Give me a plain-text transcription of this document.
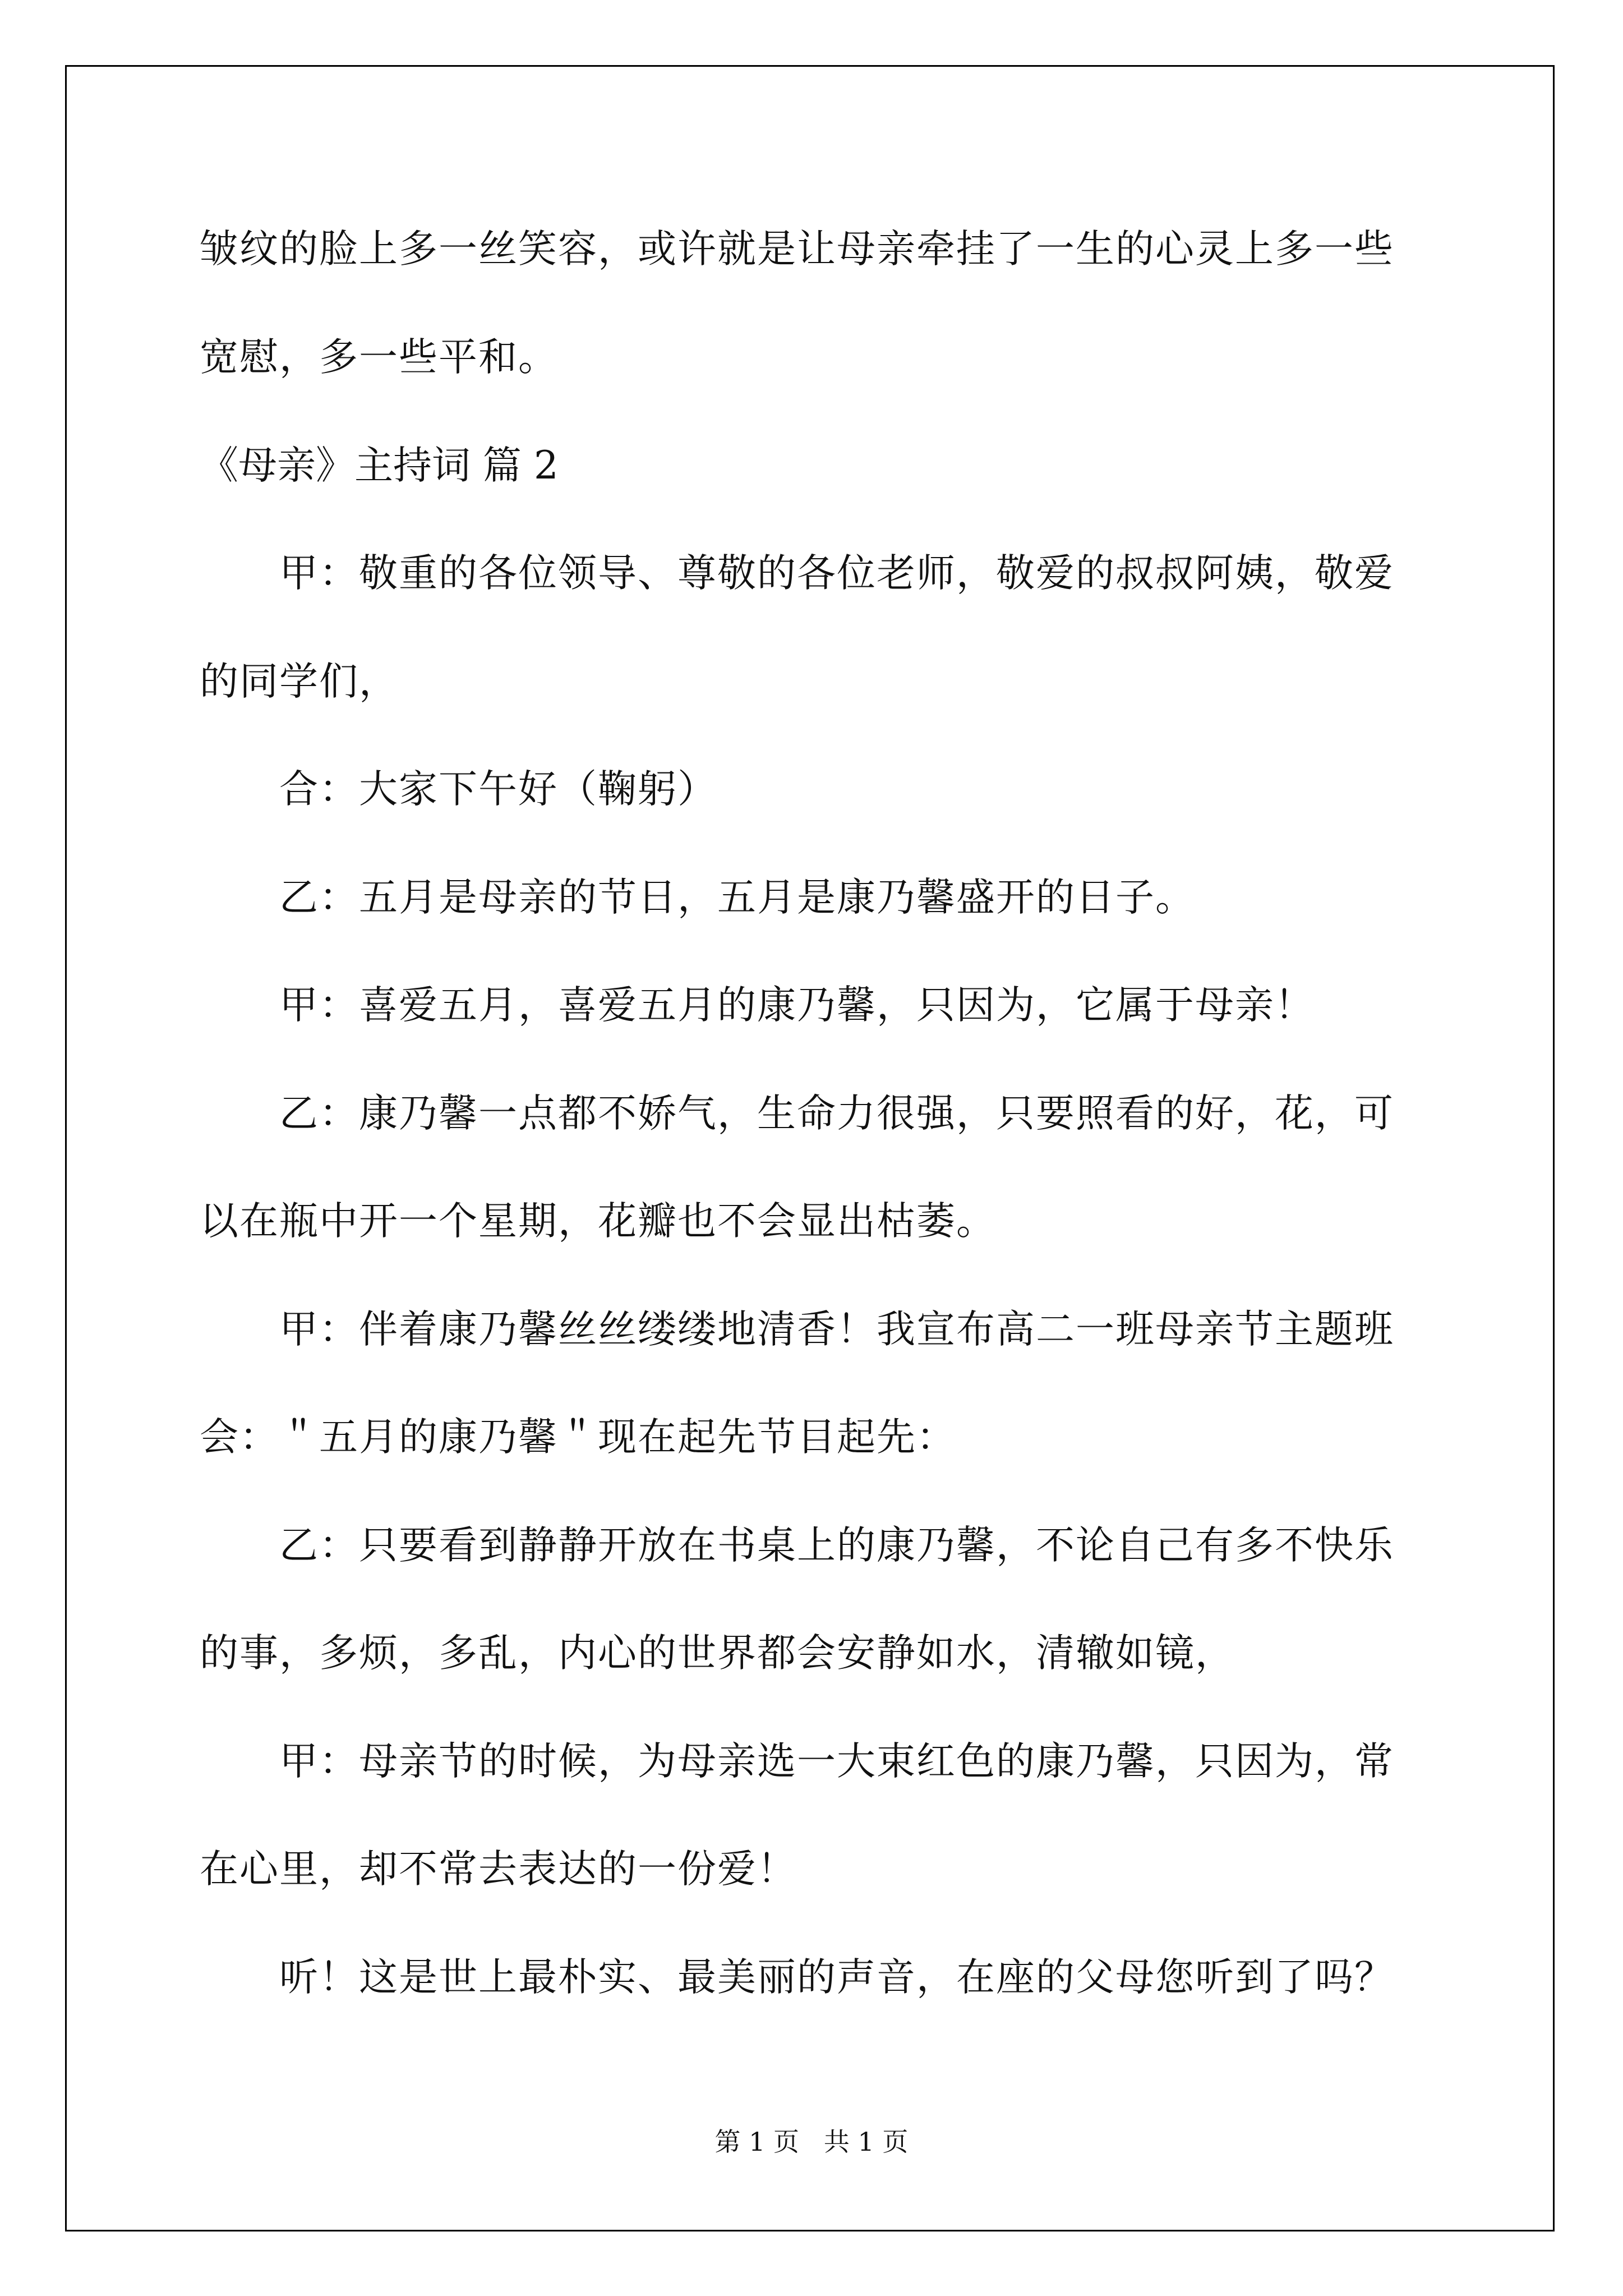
皱纹的脸上多一丝笑容，或许就是让母亲牵挂了一生的心灵上多一些
宽慰，多一些平和。
《母亲》主持词 篇 2
甲：敬重的各位领导、尊敬的各位老师，敬爱的叔叔阿姨，敬爱
的同学们，
合：大家下午好（鞠躬）
乙：五月是母亲的节日，五月是康乃馨盛开的日子。
甲：喜爱五月，喜爱五月的康乃馨，只因为，它属于母亲！
乙：康乃馨一点都不娇气，生命力很强，只要照看的好，花，可
以在瓶中开一个星期，花瓣也不会显出枯萎。
甲：伴着康乃馨丝丝缕缕地清香！我宣布高二一班母亲节主题班
会：＂五月的康乃馨＂现在起先节目起先：
乙：只要看到静静开放在书桌上的康乃馨，不论自己有多不快乐
的事，多烦，多乱，内心的世界都会安静如水，清辙如镜，
甲：母亲节的时候，为母亲选一大束红色的康乃馨，只因为，常
在心里，却不常去表达的一份爱！
听！这是世上最朴实、最美丽的声音，在座的父母您听到了吗？
第 1 页   共 1 页
